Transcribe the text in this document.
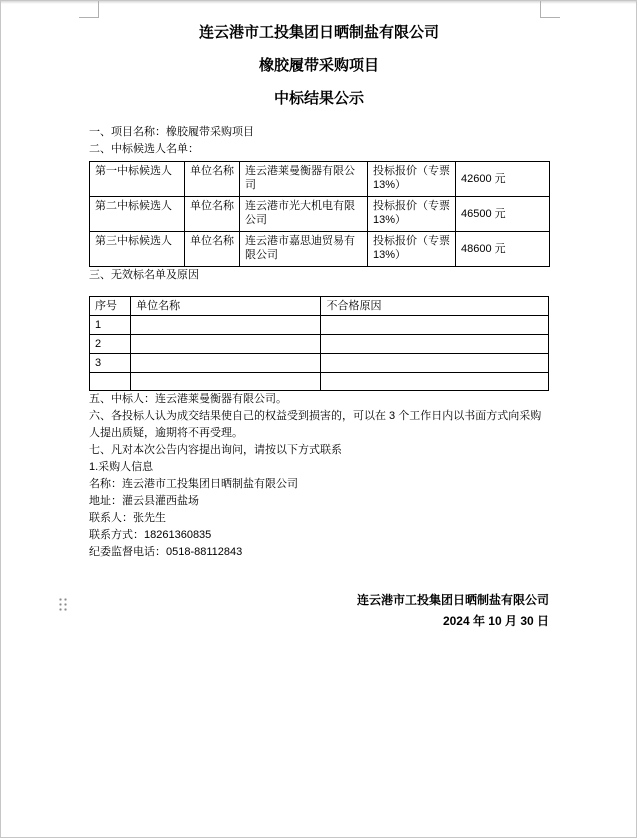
连云港市工投集团日晒制盐有限公司
橡胶履带采购项目
中标结果公示

一、项目名称：橡胶履带采购项目

二、中标候选人名单：

第一中标候选人	单位名称	连云港莱曼衡器有限公司	投标报价（专票13%）	42600 元
第二中标候选人	单位名称	连云港市光大机电有限公司	投标报价（专票13%）	46500 元
第三中标候选人	单位名称	连云港市嘉思迪贸易有限公司	投标报价（专票13%）	48600 元

三、无效标名单及原因

序号	单位名称	不合格原因
1		
2		
3		

五、中标人：连云港莱曼衡器有限公司。

六、各投标人认为成交结果使自己的权益受到损害的，可以在 3 个工作日内以书面方式向采购人提出质疑，逾期将不再受理。

七、凡对本次公告内容提出询问，请按以下方式联系

1.采购人信息

名称：连云港市工投集团日晒制盐有限公司

地址：灌云县灌西盐场

联系人：张先生

联系方式：18261360835

纪委监督电话：0518-88112843

连云港市工投集团日晒制盐有限公司
2024 年 10 月 30 日
